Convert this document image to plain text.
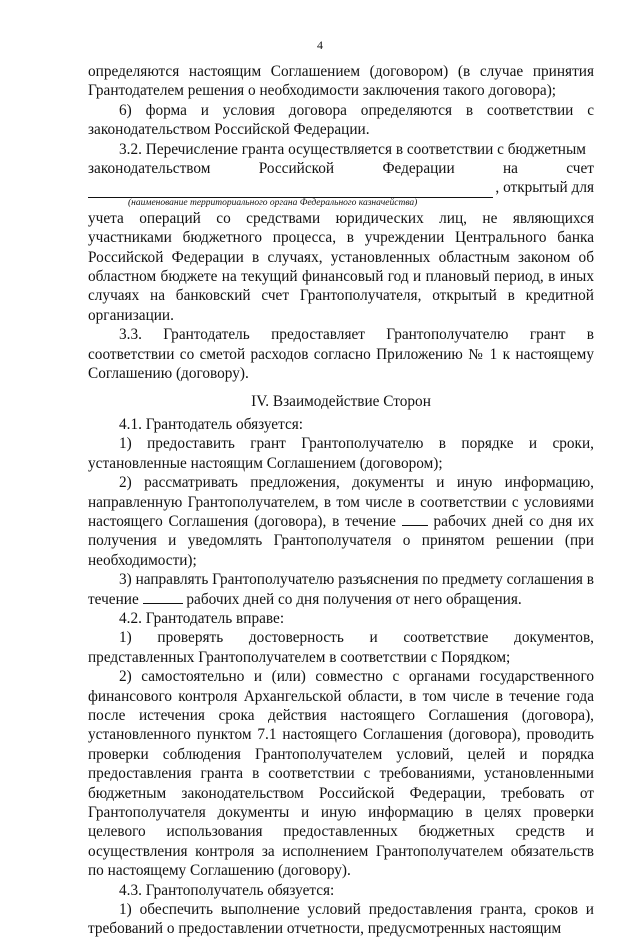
4

определяются настоящим Соглашением (договором) (в случае принятия Грантодателем решения о необходимости заключения такого договора);

6) форма и условия договора определяются в соответствии с законодательством Российской Федерации.

3.2. Перечисление гранта осуществляется в соответствии с бюджетным

законодательством	Российской	Федерации	на	счет
, открытый для
(наименование территориального органа Федерального казначейства)

учета операций со средствами юридических лиц, не являющихся участниками бюджетного процесса, в учреждении Центрального банка Российской Федерации в случаях, установленных областным законом об областном бюджете на текущий финансовый год и плановый период, в иных случаях на банковский счет Грантополучателя, открытый в кредитной организации.

3.3. Грантодатель предоставляет Грантополучателю грант в соответствии со сметой расходов согласно Приложению № 1 к настоящему Соглашению (договору).

IV. Взаимодействие Сторон

4.1. Грантодатель обязуется:

1) предоставить грант Грантополучателю в порядке и сроки, установленные настоящим Соглашением (договором);

2) рассматривать предложения, документы и иную информацию, направленную Грантополучателем, в том числе в соответствии с условиями настоящего Соглашения (договора), в течение рабочих дней со дня их получения и уведомлять Грантополучателя о принятом решении (при необходимости);

3) направлять Грантополучателю разъяснения по предмету соглашения в течение	рабочих дней со дня получения от него обращения.

4.2. Грантодатель вправе:

1) проверять достоверность и соответствие документов, представленных Грантополучателем в соответствии с Порядком;

2) самостоятельно и (или) совместно с органами государственного финансового контроля Архангельской области, в том числе в течение года после истечения срока действия настоящего Соглашения (договора), установленного пунктом 7.1 настоящего Соглашения (договора), проводить проверки соблюдения Грантополучателем условий, целей и порядка предоставления гранта в соответствии с требованиями, установленными бюджетным законодательством Российской Федерации, требовать от Грантополучателя документы и иную информацию в целях проверки целевого использования предоставленных бюджетных средств и осуществления контроля за исполнением Грантополучателем обязательств по настоящему Соглашению (договору).

4.3. Грантополучатель обязуется:

1) обеспечить выполнение условий предоставления гранта, сроков и требований о предоставлении отчетности, предусмотренных настоящим
